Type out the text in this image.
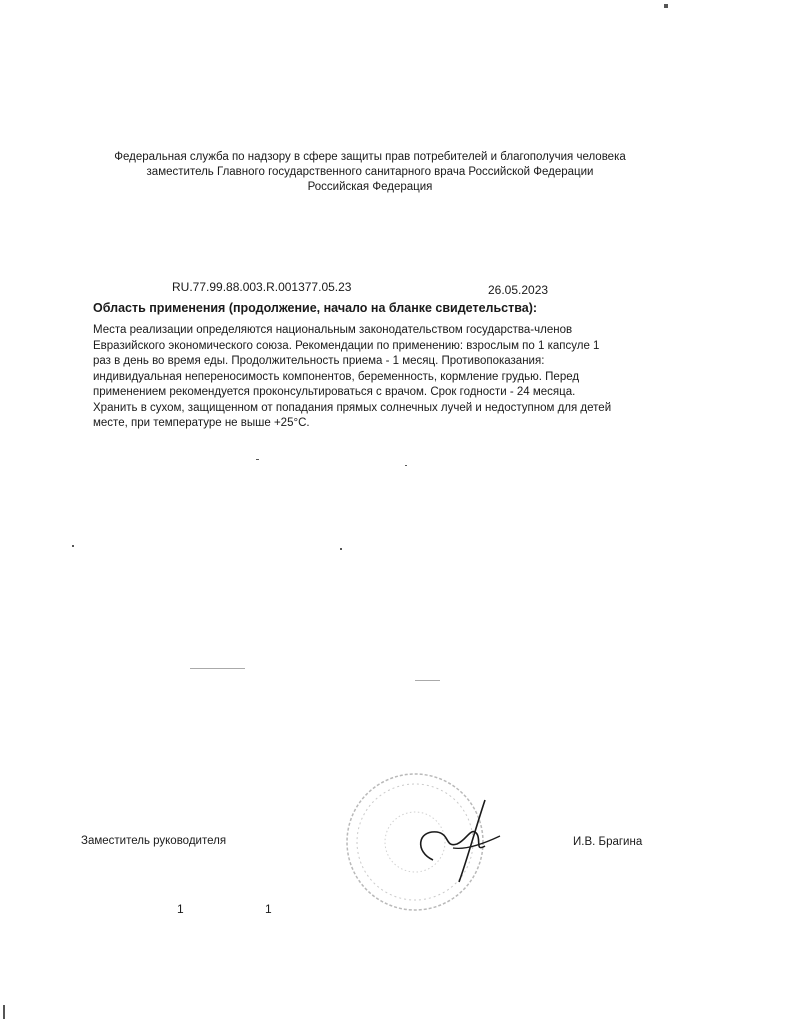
Федеральная служба по надзору в сфере защиты прав потребителей и благополучия человека
заместитель Главного государственного санитарного врача Российской Федерации
Российская Федерация
RU.77.99.88.003.R.001377.05.23	26.05.2023
Область применения (продолжение, начало на бланке свидетельства):
Места реализации определяются национальным законодательством государства-членов
Евразийского экономического союза. Рекомендации по применению: взрослым по 1 капсуле 1
раз в день во время еды. Продолжительность приема - 1 месяц. Противопоказания:
индивидуальная непереносимость компонентов, беременность, кормление грудью. Перед
применением рекомендуется проконсультироваться с врачом. Срок годности - 24 месяца.
Хранить в сухом, защищенном от попадания прямых солнечных лучей и недоступном для детей
месте, при температуре не выше +25°C.
Заместитель руководителя	И.В. Брагина
1	1
